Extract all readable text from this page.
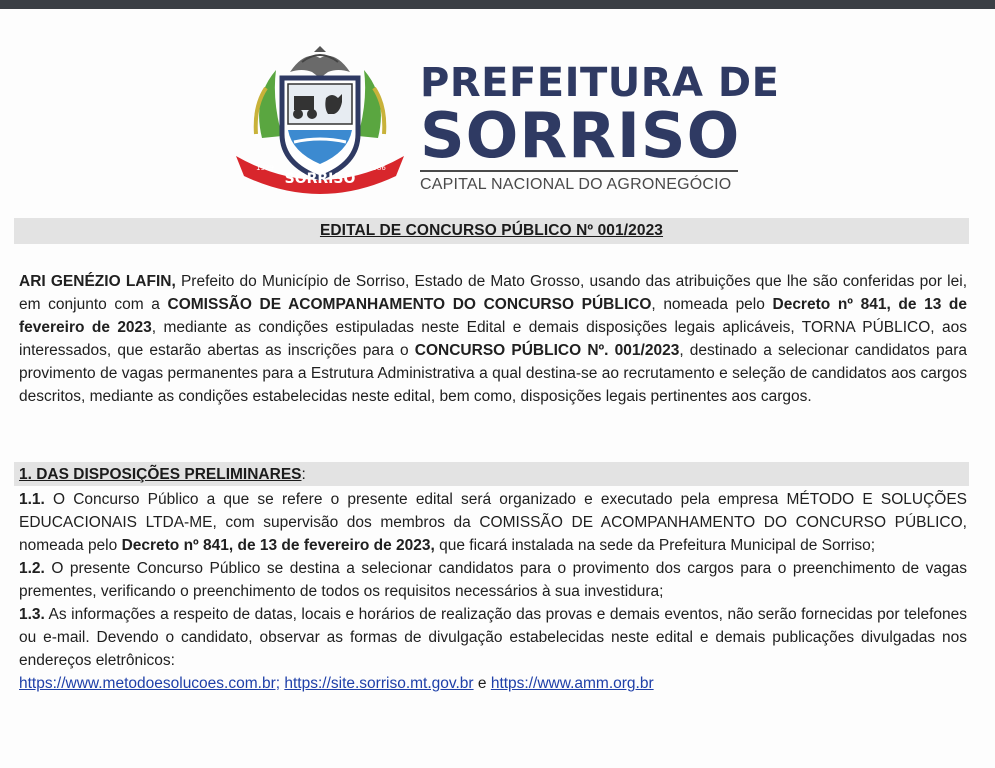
SORRISO
1979	1986
PREFEITURA DE
SORRISO
CAPITAL NACIONAL DO AGRONEGÓCIO
EDITAL DE CONCURSO PÚBLICO Nº 001/2023
ARI GENÉZIO LAFIN, Prefeito do Município de Sorriso, Estado de Mato Grosso, usando das atribuições que lhe são conferidas por lei, em conjunto com a COMISSÃO DE ACOMPANHAMENTO DO CONCURSO PÚBLICO, nomeada pelo Decreto nº 841, de 13 de fevereiro de 2023, mediante as condições estipuladas neste Edital e demais disposições legais aplicáveis, TORNA PÚBLICO, aos interessados, que estarão abertas as inscrições para o CONCURSO PÚBLICO Nº. 001/2023, destinado a selecionar candidatos para provimento de vagas permanentes para a Estrutura Administrativa a qual destina-se ao recrutamento e seleção de candidatos aos cargos descritos, mediante as condições estabelecidas neste edital, bem como, disposições legais pertinentes aos cargos.
1. DAS DISPOSIÇÕES PRELIMINARES:

1.1. O Concurso Público a que se refere o presente edital será organizado e executado pela empresa MÉTODO E SOLUÇÕES EDUCACIONAIS LTDA-ME, com supervisão dos membros da COMISSÃO DE ACOMPANHAMENTO DO CONCURSO PÚBLICO, nomeada pelo Decreto nº 841, de 13 de fevereiro de 2023, que ficará instalada na sede da Prefeitura Municipal de Sorriso;

1.2. O presente Concurso Público se destina a selecionar candidatos para o provimento dos cargos para o preenchimento de vagas prementes, verificando o preenchimento de todos os requisitos necessários à sua investidura;

1.3. As informações a respeito de datas, locais e horários de realização das provas e demais eventos, não serão fornecidas por telefones ou e-mail. Devendo o candidato, observar as formas de divulgação estabelecidas neste edital e demais publicações divulgadas nos endereços eletrônicos:

https://www.metodoesolucoes.com.br; https://site.sorriso.mt.gov.br e https://www.amm.org.br
